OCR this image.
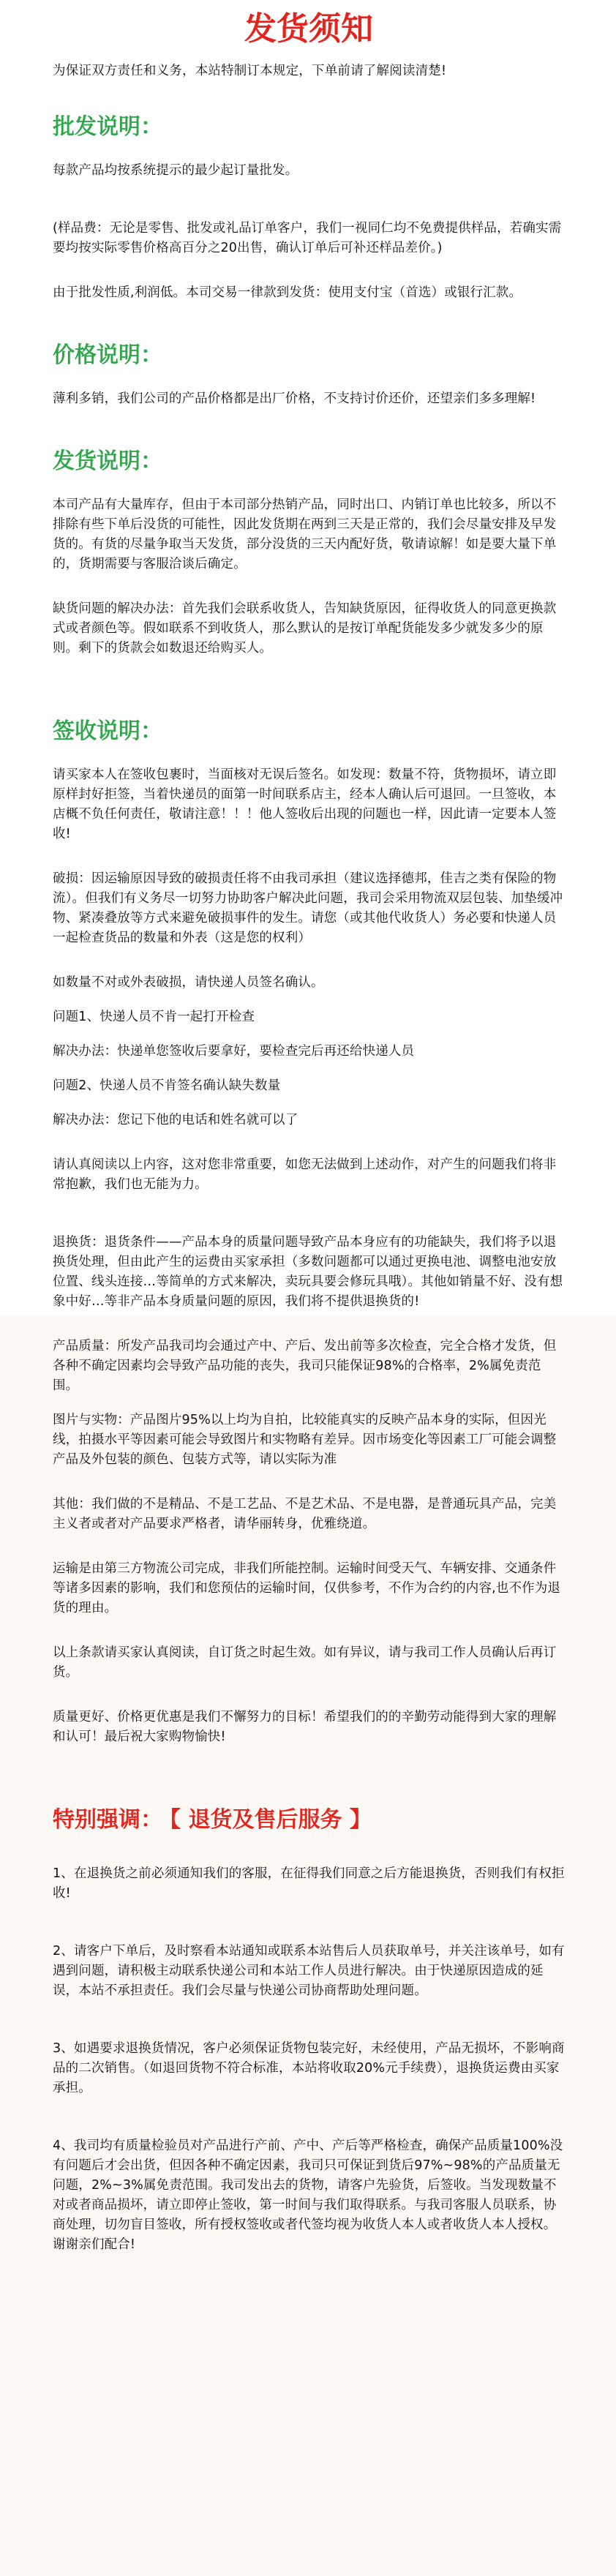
发货须知

为保证双方责任和义务，本站特制订本规定，下单前请了解阅读清楚!

批发说明：

每款产品均按系统提示的最少起订量批发。

(样品费：无论是零售、批发或礼品订单客户，我们一视同仁均不免费提供样品，若确实需要均按实际零售价格高百分之20出售，确认订单后可补还样品差价。)

由于批发性质,利润低。本司交易一律款到发货：使用支付宝（首选）或银行汇款。

价格说明：

薄利多销，我们公司的产品价格都是出厂价格，不支持讨价还价，还望亲们多多理解!

发货说明：

本司产品有大量库存，但由于本司部分热销产品，同时出口、内销订单也比较多，所以不排除有些下单后没货的可能性，因此发货期在两到三天是正常的，我们会尽量安排及早发货的。有货的尽量争取当天发货，部分没货的三天内配好货，敬请谅解！如是要大量下单的，货期需要与客服洽谈后确定。

缺货问题的解决办法：首先我们会联系收货人，告知缺货原因，征得收货人的同意更换款式或者颜色等。假如联系不到收货人，那么默认的是按订单配货能发多少就发多少的原则。剩下的货款会如数退还给购买人。

签收说明：

请买家本人在签收包裹时，当面核对无误后签名。如发现：数量不符，货物损坏，请立即原样封好拒签，当着快递员的面第一时间联系店主，经本人确认后可退回。一旦签收，本店概不负任何责任，敬请注意！！！他人签收后出现的问题也一样，因此请一定要本人签收!

破损：因运输原因导致的破损责任将不由我司承担（建议选择德邦，佳吉之类有保险的物流）。但我们有义务尽一切努力协助客户解决此问题，我司会采用物流双层包装、加垫缓冲物、紧凑叠放等方式来避免破损事件的发生。请您（或其他代收货人）务必要和快递人员一起检查货品的数量和外表（这是您的权利）

如数量不对或外表破损，请快递人员签名确认。

问题1、快递人员不肯一起打开检查

解决办法：快递单您签收后要拿好，要检查完后再还给快递人员

问题2、快递人员不肯签名确认缺失数量

解决办法：您记下他的电话和姓名就可以了

请认真阅读以上内容，这对您非常重要，如您无法做到上述动作，对产生的问题我们将非常抱歉，我们也无能为力。

退换货：退货条件——产品本身的质量问题导致产品本身应有的功能缺失，我们将予以退换货处理，但由此产生的运费由买家承担（多数问题都可以通过更换电池、调整电池安放位置、线头连接…等简单的方式来解决，卖玩具要会修玩具哦）。其他如销量不好、没有想象中好…等非产品本身质量问题的原因，我们将不提供退换货的!

产品质量：所发产品我司均会通过产中、产后、发出前等多次检查，完全合格才发货，但各种不确定因素均会导致产品功能的丧失，我司只能保证98%的合格率，2%属免责范围。

图片与实物：产品图片95%以上均为自拍，比较能真实的反映产品本身的实际，但因光线，拍摄水平等因素可能会导致图片和实物略有差异。因市场变化等因素工厂可能会调整产品及外包装的颜色、包装方式等，请以实际为准

其他：我们做的不是精品、不是工艺品、不是艺术品、不是电器，是普通玩具产品，完美主义者或者对产品要求严格者，请华丽转身，优雅绕道。

运输是由第三方物流公司完成，非我们所能控制。运输时间受天气、车辆安排、交通条件等诸多因素的影响，我们和您预估的运输时间，仅供参考，不作为合约的内容,也不作为退货的理由。

以上条款请买家认真阅读，自订货之时起生效。如有异议，请与我司工作人员确认后再订货。

质量更好、价格更优惠是我们不懈努力的目标！希望我们的的辛勤劳动能得到大家的理解和认可！最后祝大家购物愉快!

特别强调： 【 退货及售后服务 】

1、在退换货之前必须通知我们的客服，在征得我们同意之后方能退换货，否则我们有权拒收!

2、请客户下单后，及时察看本站通知或联系本站售后人员获取单号，并关注该单号，如有遇到问题，请积极主动联系快递公司和本站工作人员进行解决。由于快递原因造成的延误，本站不承担责任。我们会尽量与快递公司协商帮助处理问题。

3、如遇要求退换货情况，客户必须保证货物包装完好，未经使用，产品无损坏，不影响商品的二次销售。（如退回货物不符合标准，本站将收取20%元手续费），退换货运费由买家承担。

4、我司均有质量检验员对产品进行产前、产中、产后等严格检查，确保产品质量100%没有问题后才会出货，但因各种不确定因素，我司只可保证到货后97%~98%的产品质量无问题，2%~3%属免责范围。我司发出去的货物，请客户先验货，后签收。当发现数量不对或者商品损坏，请立即停止签收，第一时间与我们取得联系。与我司客服人员联系，协商处理，切勿盲目签收，所有授权签收或者代签均视为收货人本人或者收货人本人授权。谢谢亲们配合!
